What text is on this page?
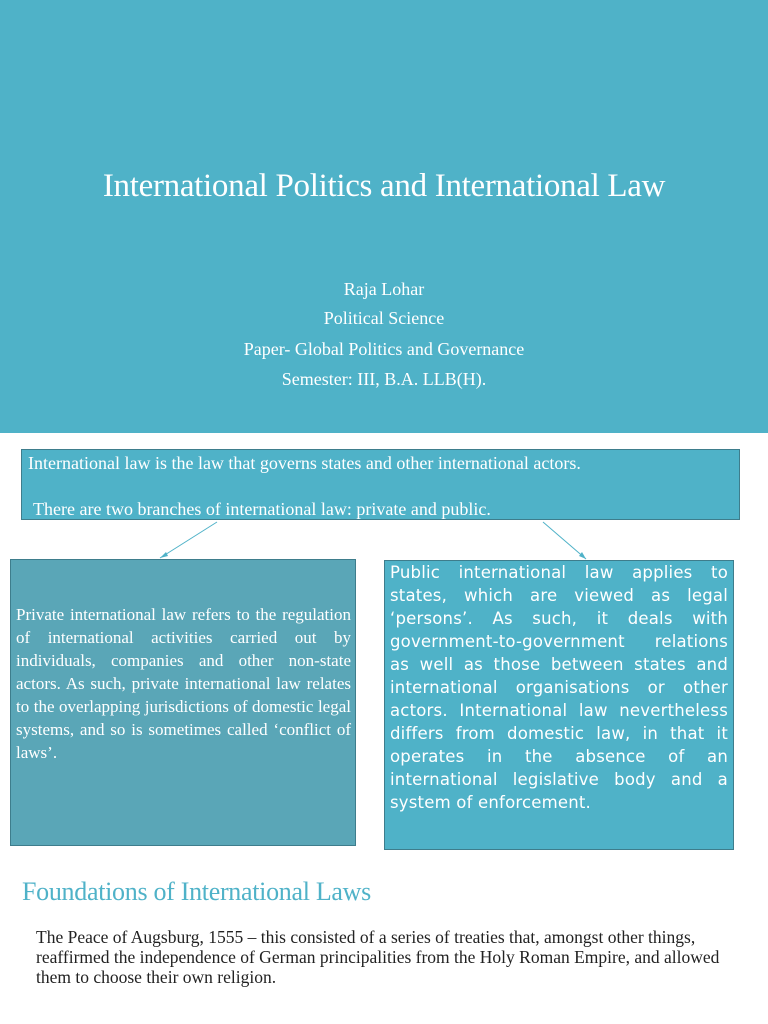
International Politics and International Law
Raja Lohar
Political Science
Paper- Global Politics and Governance
Semester: III, B.A. LLB(H).
International law is the law that governs states and other international actors.
There are two branches of international law: private and public.
Private international law refers to the regulation of international activities carried out by individuals, companies and other non-state actors. As such, private international law relates to the overlapping jurisdictions of domestic legal systems, and so is sometimes called ‘conflict of laws’.
Public international law applies to states, which are viewed as legal ‘persons’. As such, it deals with government-to-government relations as well as those between states and international organisations or other actors. International law nevertheless differs from domestic law, in that it operates in the absence of an international legislative body and a system of enforcement.
Foundations of International Laws
The Peace of Augsburg, 1555 – this consisted of a series of treaties that, amongst other things, reaffirmed the independence of German principalities from the Holy Roman Empire, and allowed them to choose their own religion.
